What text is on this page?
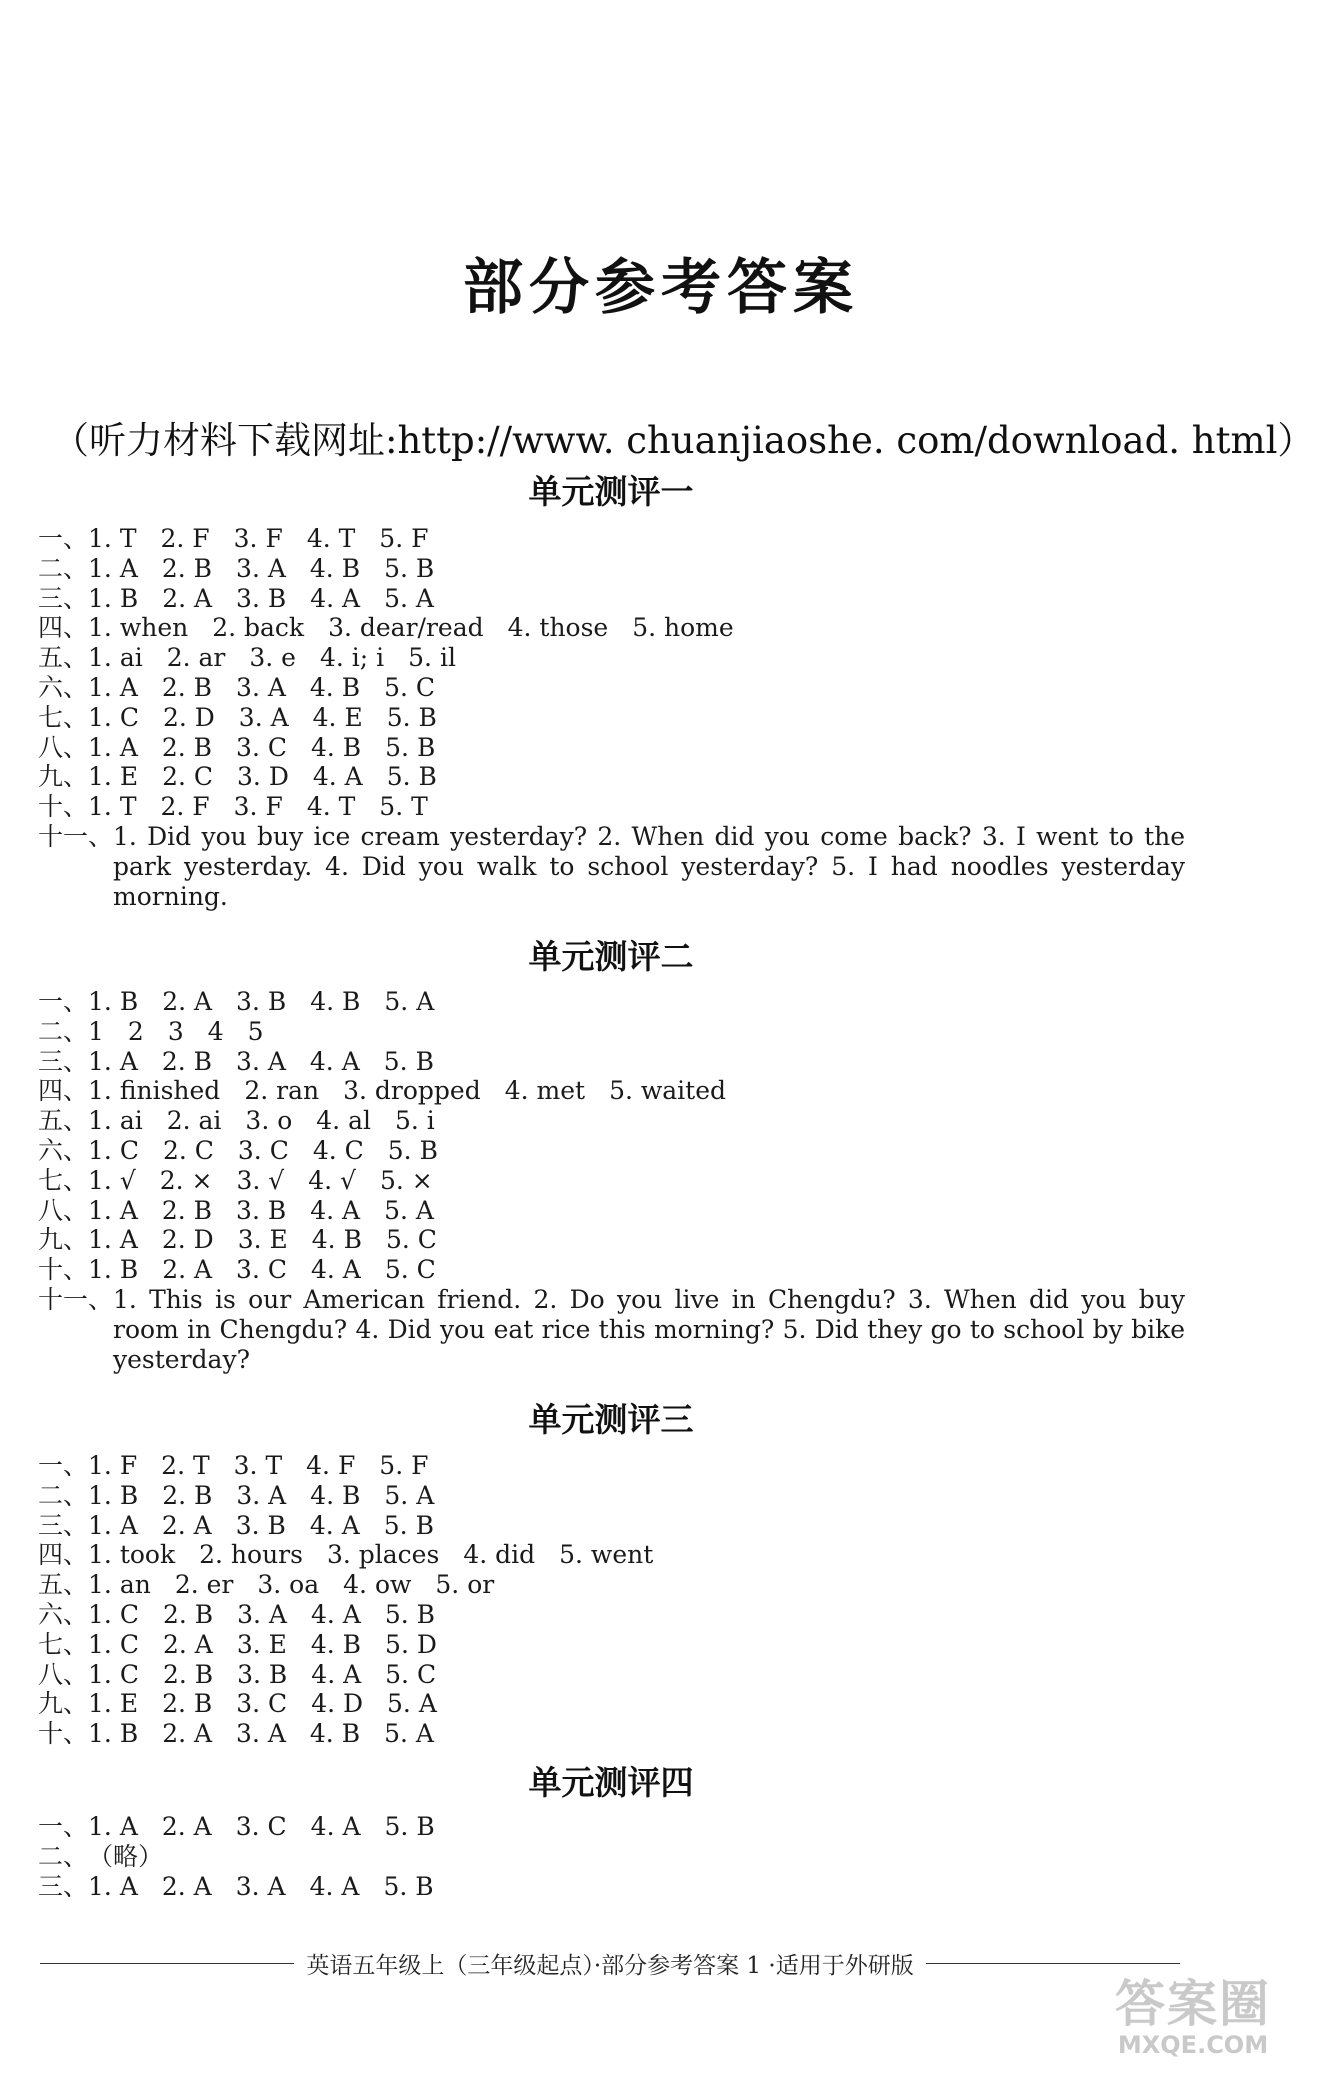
部分参考答案
（听力材料下载网址:http://www. chuanjiaoshe. com/download. html）
单元测评一
一、1. T 2. F 3. F 4. T 5. F
二、1. A 2. B 3. A 4. B 5. B
三、1. B 2. A 3. B 4. A 5. A
四、1. when 2. back 3. dear/read 4. those 5. home
五、1. ai 2. ar 3. e 4. i; i 5. il
六、1. A 2. B 3. A 4. B 5. C
七、1. C 2. D 3. A 4. E 5. B
八、1. A 2. B 3. C 4. B 5. B
九、1. E 2. C 3. D 4. A 5. B
十、1. T 2. F 3. F 4. T 5. T
十一、1. Did you buy ice cream yesterday? 2. When did you come back? 3. I went to the park yesterday. 4. Did you walk to school yesterday? 5. I had noodles yesterday morning.
单元测评二
一、1. B 2. A 3. B 4. B 5. A
二、1 2 3 4 5
三、1. A 2. B 3. A 4. A 5. B
四、1. finished 2. ran 3. dropped 4. met 5. waited
五、1. ai 2. ai 3. o 4. al 5. i
六、1. C 2. C 3. C 4. C 5. B
七、1. √ 2. × 3. √ 4. √ 5. ×
八、1. A 2. B 3. B 4. A 5. A
九、1. A 2. D 3. E 4. B 5. C
十、1. B 2. A 3. C 4. A 5. C
十一、1. This is our American friend. 2. Do you live in Chengdu? 3. When did you buy room in Chengdu? 4. Did you eat rice this morning? 5. Did they go to school by bike yesterday?
单元测评三
一、1. F 2. T 3. T 4. F 5. F
二、1. B 2. B 3. A 4. B 5. A
三、1. A 2. A 3. B 4. A 5. B
四、1. took 2. hours 3. places 4. did 5. went
五、1. an 2. er 3. oa 4. ow 5. or
六、1. C 2. B 3. A 4. A 5. B
七、1. C 2. A 3. E 4. B 5. D
八、1. C 2. B 3. B 4. A 5. C
九、1. E 2. B 3. C 4. D 5. A
十、1. B 2. A 3. A 4. B 5. A
单元测评四
一、1. A 2. A 3. C 4. A 5. B
二、（略）
三、1. A 2. A 3. A 4. A 5. B
英语五年级上（三年级起点）·部分参考答案 1 ·适用于外研版
答案圈
MXQE.COM
